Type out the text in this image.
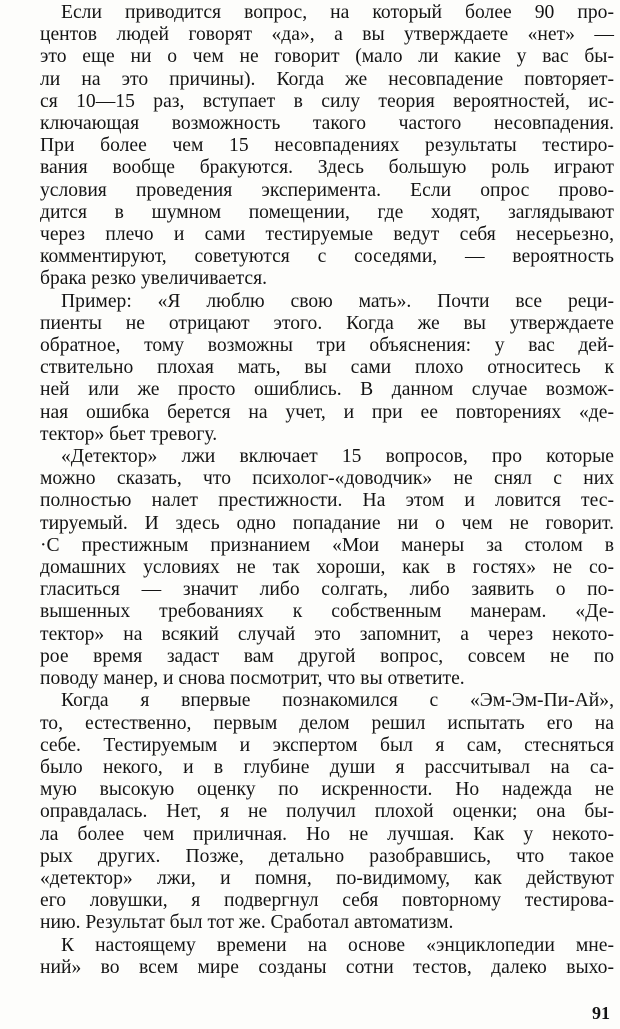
Если приводится вопрос, на который более 90 про-
центов людей говорят «да», а вы утверждаете «нет» —
это еще ни о чем не говорит (мало ли какие у вас бы-
ли на это причины). Когда же несовпадение повторяет-
ся 10—15 раз, вступает в силу теория вероятностей, ис-
ключающая возможность такого частого несовпадения.
При более чем 15 несовпадениях результаты тестиро-
вания вообще бракуются. Здесь большую роль играют
условия проведения эксперимента. Если опрос прово-
дится в шумном помещении, где ходят, заглядывают
через плечо и сами тестируемые ведут себя несерьезно,
комментируют, советуются с соседями, — вероятность
брака резко увеличивается.
Пример: «Я люблю свою мать». Почти все реци-
пиенты не отрицают этого. Когда же вы утверждаете
обратное, тому возможны три объяснения: у вас дей-
ствительно плохая мать, вы сами плохо относитесь к
ней или же просто ошиблись. В данном случае возмож-
ная ошибка берется на учет, и при ее повторениях «де-
тектор» бьет тревогу.
«Детектор» лжи включает 15 вопросов, про которые
можно сказать, что психолог-«доводчик» не снял с них
полностью налет престижности. На этом и ловится тес-
тируемый. И здесь одно попадание ни о чем не говорит.
·С престижным признанием «Мои манеры за столом в
домашних условиях не так хороши, как в гостях» не со-
гласиться — значит либо солгать, либо заявить о по-
вышенных требованиях к собственным манерам. «Де-
тектор» на всякий случай это запомнит, а через некото-
рое время задаст вам другой вопрос, совсем не по
поводу манер, и снова посмотрит, что вы ответите.
Когда я впервые познакомился с «Эм-Эм-Пи-Ай»,
то, естественно, первым делом решил испытать его на
себе. Тестируемым и экспертом был я сам, стесняться
было некого, и в глубине души я рассчитывал на са-
мую высокую оценку по искренности. Но надежда не
оправдалась. Нет, я не получил плохой оценки; она бы-
ла более чем приличная. Но не лучшая. Как у некото-
рых других. Позже, детально разобравшись, что такое
«детектор» лжи, и помня, по-видимому, как действуют
его ловушки, я подвергнул себя повторному тестирова-
нию. Результат был тот же. Сработал автоматизм.
К настоящему времени на основе «энциклопедии мне-
ний» во всем мире созданы сотни тестов, далеко выхо-
91
